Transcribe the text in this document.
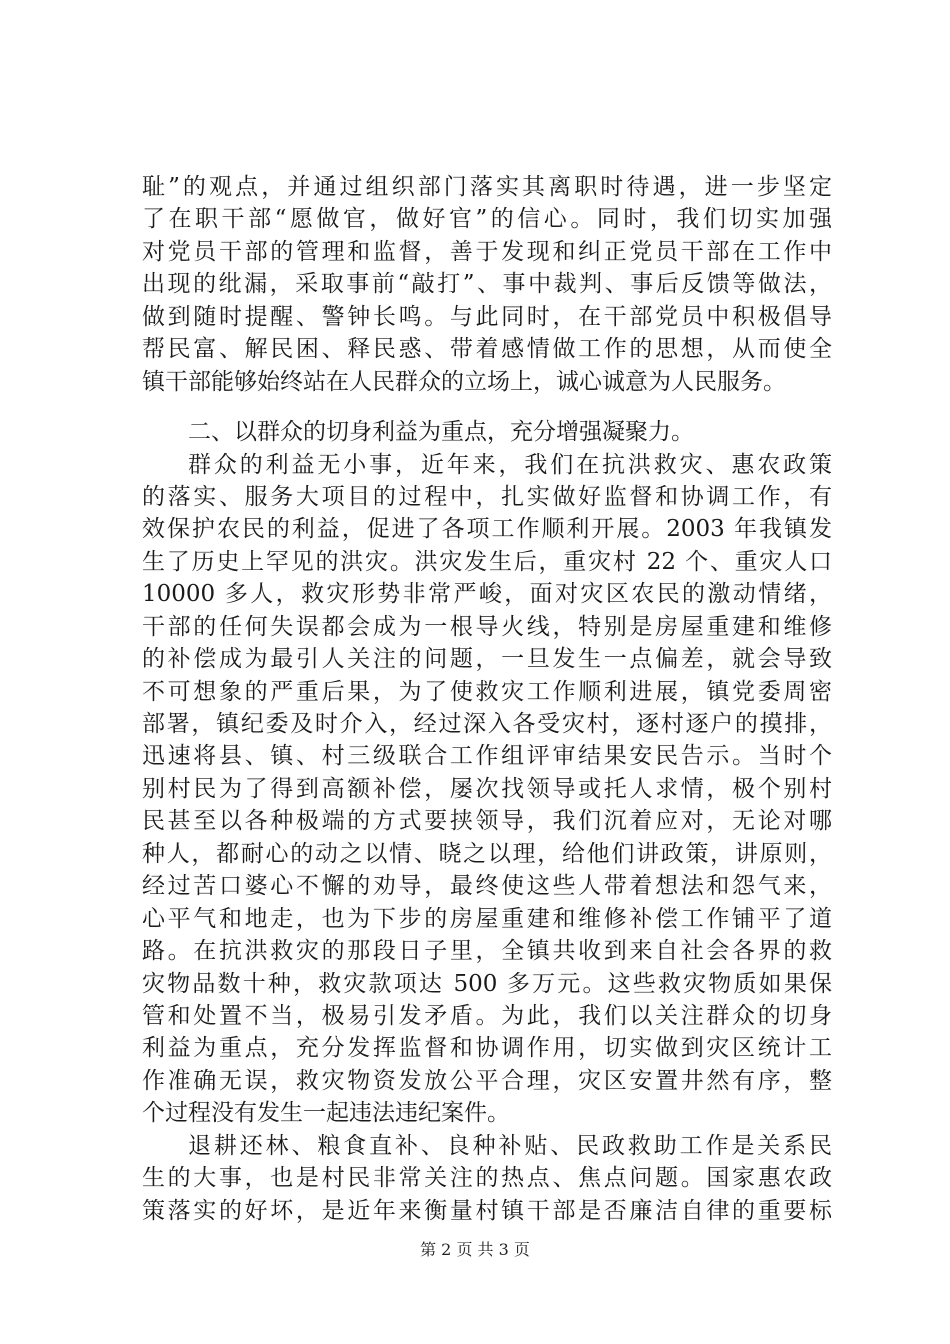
耻”的观点，并通过组织部门落实其离职时待遇，进一步坚定
了在职干部“愿做官，做好官”的信心。同时，我们切实加强
对党员干部的管理和监督，善于发现和纠正党员干部在工作中
出现的纰漏，采取事前“敲打”、事中裁判、事后反馈等做法，
做到随时提醒、警钟长鸣。与此同时，在干部党员中积极倡导
帮民富、解民困、释民惑、带着感情做工作的思想，从而使全
镇干部能够始终站在人民群众的立场上，诚心诚意为人民服务。
二、以群众的切身利益为重点，充分增强凝聚力。
群众的利益无小事，近年来，我们在抗洪救灾、惠农政策
的落实、服务大项目的过程中，扎实做好监督和协调工作，有
效保护农民的利益，促进了各项工作顺利开展。2003 年我镇发
生了历史上罕见的洪灾。洪灾发生后，重灾村 22 个、重灾人口
10000 多人，救灾形势非常严峻，面对灾区农民的激动情绪，
干部的任何失误都会成为一根导火线，特别是房屋重建和维修
的补偿成为最引人关注的问题，一旦发生一点偏差，就会导致
不可想象的严重后果，为了使救灾工作顺利进展，镇党委周密
部署，镇纪委及时介入，经过深入各受灾村，逐村逐户的摸排，
迅速将县、镇、村三级联合工作组评审结果安民告示。当时个
别村民为了得到高额补偿，屡次找领导或托人求情，极个别村
民甚至以各种极端的方式要挟领导，我们沉着应对，无论对哪
种人，都耐心的动之以情、晓之以理，给他们讲政策，讲原则，
经过苦口婆心不懈的劝导，最终使这些人带着想法和怨气来，
心平气和地走，也为下步的房屋重建和维修补偿工作铺平了道
路。在抗洪救灾的那段日子里，全镇共收到来自社会各界的救
灾物品数十种，救灾款项达 500 多万元。这些救灾物质如果保
管和处置不当，极易引发矛盾。为此，我们以关注群众的切身
利益为重点，充分发挥监督和协调作用，切实做到灾区统计工
作准确无误，救灾物资发放公平合理，灾区安置井然有序，整
个过程没有发生一起违法违纪案件。
退耕还林、粮食直补、良种补贴、民政救助工作是关系民
生的大事，也是村民非常关注的热点、焦点问题。国家惠农政
策落实的好坏，是近年来衡量村镇干部是否廉洁自律的重要标
第 2 页 共 3 页
